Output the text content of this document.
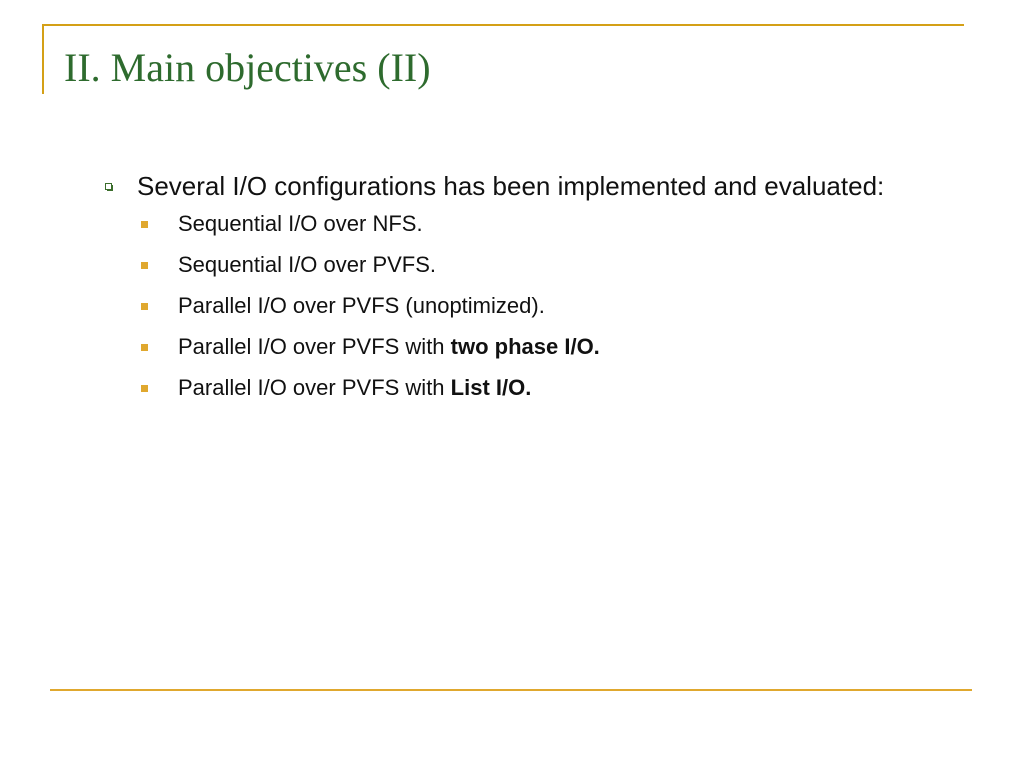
II. Main objectives (II)
Several I/O configurations has been implemented and evaluated:
Sequential I/O over NFS.
Sequential I/O over PVFS.
Parallel I/O over PVFS (unoptimized).
Parallel I/O over PVFS with two phase I/O.
Parallel I/O over PVFS with List I/O.
